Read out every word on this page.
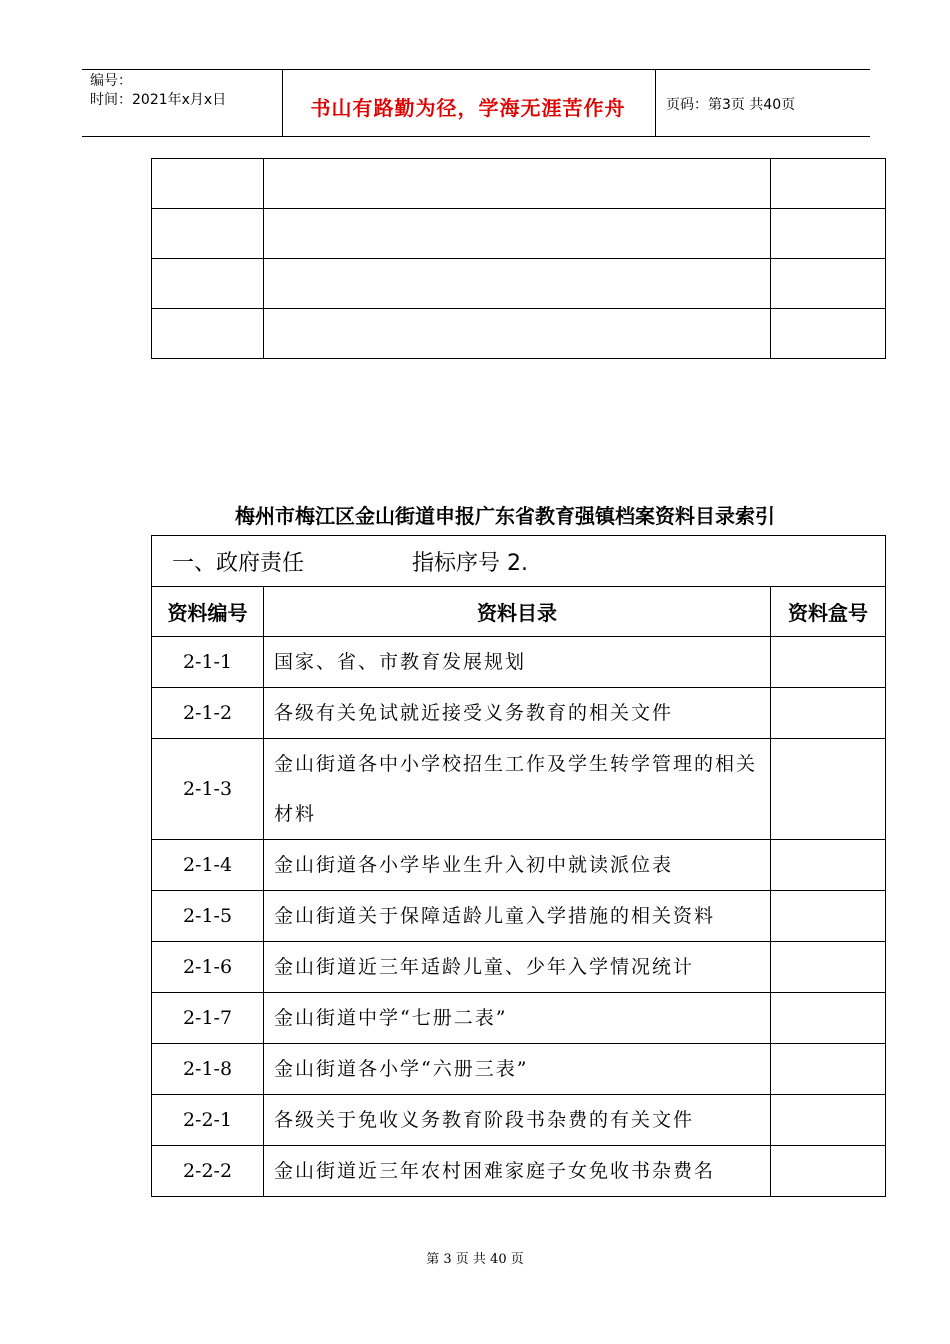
编号：
时间：2021年x月x日	书山有路勤为径，学海无涯苦作舟	页码：第3页 共40页

梅州市梅江区金山街道申报广东省教育强镇档案资料目录索引
一、政府责任 指标序号 2.		
资料编号	资料目录	资料盒号
2-1-1	国家、省、市教育发展规划	
2-1-2	各级有关免试就近接受义务教育的相关文件	
2-1-3	金山街道各中小学校招生工作及学生转学管理的相关材料	
2-1-4	金山街道各小学毕业生升入初中就读派位表	
2-1-5	金山街道关于保障适龄儿童入学措施的相关资料	
2-1-6	金山街道近三年适龄儿童、少年入学情况统计	
2-1-7	金山街道中学“七册二表”	
2-1-8	金山街道各小学“六册三表”	
2-2-1	各级关于免收义务教育阶段书杂费的有关文件	
2-2-2	金山街道近三年农村困难家庭子女免收书杂费名	
第 3 页 共 40 页
